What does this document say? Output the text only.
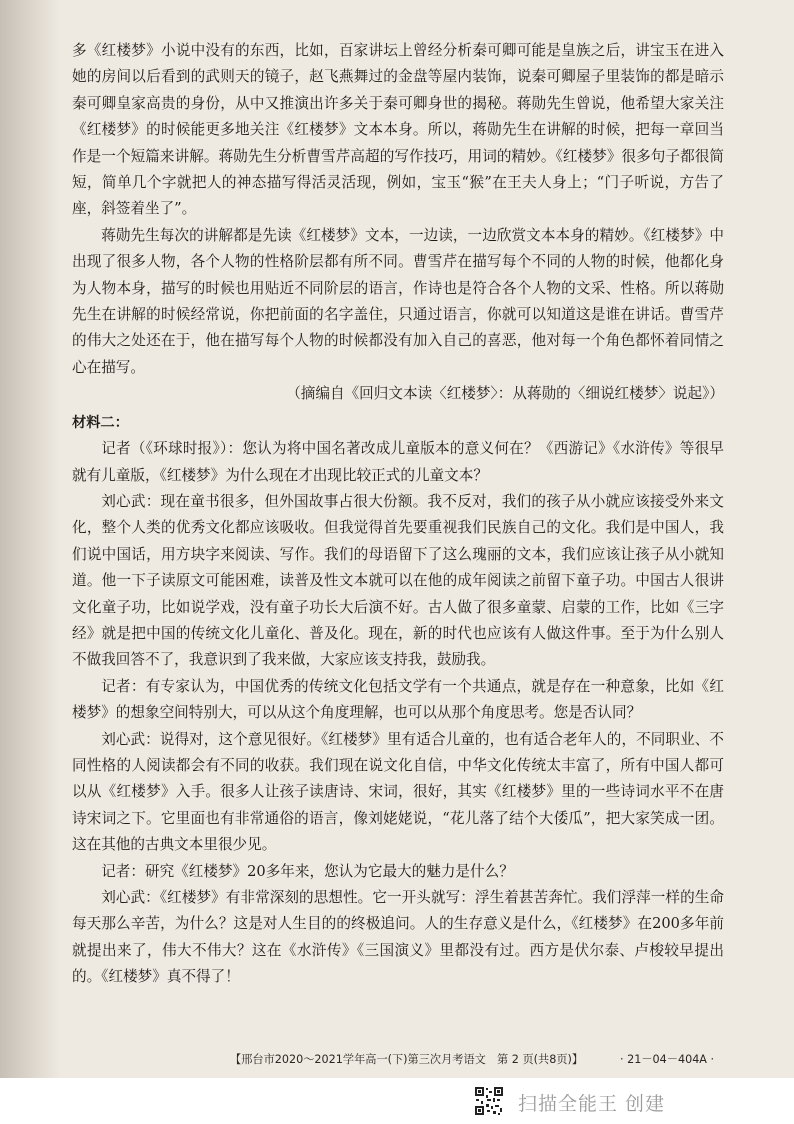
多《红楼梦》小说中没有的东西，比如，百家讲坛上曾经分析秦可卿可能是皇族之后，讲宝玉在进入她的房间以后看到的武则天的镜子，赵飞燕舞过的金盘等屋内装饰，说秦可卿屋子里装饰的都是暗示秦可卿皇家高贵的身份，从中又推演出许多关于秦可卿身世的揭秘。蒋勋先生曾说，他希望大家关注《红楼梦》的时候能更多地关注《红楼梦》文本本身。所以，蒋勋先生在讲解的时候，把每一章回当作是一个短篇来讲解。蒋勋先生分析曹雪芹高超的写作技巧，用词的精妙。《红楼梦》很多句子都很简短，简单几个字就把人的神态描写得活灵活现，例如，宝玉“猴”在王夫人身上；“门子听说，方告了座，斜签着坐了”。

蒋勋先生每次的讲解都是先读《红楼梦》文本，一边读，一边欣赏文本本身的精妙。《红楼梦》中出现了很多人物，各个人物的性格阶层都有所不同。曹雪芹在描写每个不同的人物的时候，他都化身为人物本身，描写的时候也用贴近不同阶层的语言，作诗也是符合各个人物的文采、性格。所以蒋勋先生在讲解的时候经常说，你把前面的名字盖住，只通过语言，你就可以知道这是谁在讲话。曹雪芹的伟大之处还在于，他在描写每个人物的时候都没有加入自己的喜恶，他对每一个角色都怀着同情之心在描写。

（摘编自《回归文本读〈红楼梦〉：从蒋勋的〈细说红楼梦〉说起》）

材料二：

记者（《环球时报》）：您认为将中国名著改成儿童版本的意义何在？《西游记》《水浒传》等很早就有儿童版，《红楼梦》为什么现在才出现比较正式的儿童文本？

刘心武：现在童书很多，但外国故事占很大份额。我不反对，我们的孩子从小就应该接受外来文化，整个人类的优秀文化都应该吸收。但我觉得首先要重视我们民族自己的文化。我们是中国人，我们说中国话，用方块字来阅读、写作。我们的母语留下了这么瑰丽的文本，我们应该让孩子从小就知道。他一下子读原文可能困难，读普及性文本就可以在他的成年阅读之前留下童子功。中国古人很讲文化童子功，比如说学戏，没有童子功长大后演不好。古人做了很多童蒙、启蒙的工作，比如《三字经》就是把中国的传统文化儿童化、普及化。现在，新的时代也应该有人做这件事。至于为什么别人不做我回答不了，我意识到了我来做，大家应该支持我，鼓励我。

记者：有专家认为，中国优秀的传统文化包括文学有一个共通点，就是存在一种意象，比如《红楼梦》的想象空间特别大，可以从这个角度理解，也可以从那个角度思考。您是否认同？

刘心武：说得对，这个意见很好。《红楼梦》里有适合儿童的，也有适合老年人的，不同职业、不同性格的人阅读都会有不同的收获。我们现在说文化自信，中华文化传统太丰富了，所有中国人都可以从《红楼梦》入手。很多人让孩子读唐诗、宋词，很好，其实《红楼梦》里的一些诗词水平不在唐诗宋词之下。它里面也有非常通俗的语言，像刘姥姥说，“花儿落了结个大倭瓜”，把大家笑成一团。这在其他的古典文本里很少见。

记者：研究《红楼梦》20多年来，您认为它最大的魅力是什么？

刘心武：《红楼梦》有非常深刻的思想性。它一开头就写：浮生着甚苦奔忙。我们浮萍一样的生命每天那么辛苦，为什么？这是对人生目的的终极追问。人的生存意义是什么，《红楼梦》在200多年前就提出来了，伟大不伟大？这在《水浒传》《三国演义》里都没有过。西方是伏尔泰、卢梭较早提出的。《红楼梦》真不得了！

【邢台市2020～2021学年高一(下)第三次月考语文　第 2 页(共8页)】	· 21－04－404A ·
扫描全能王 创建
